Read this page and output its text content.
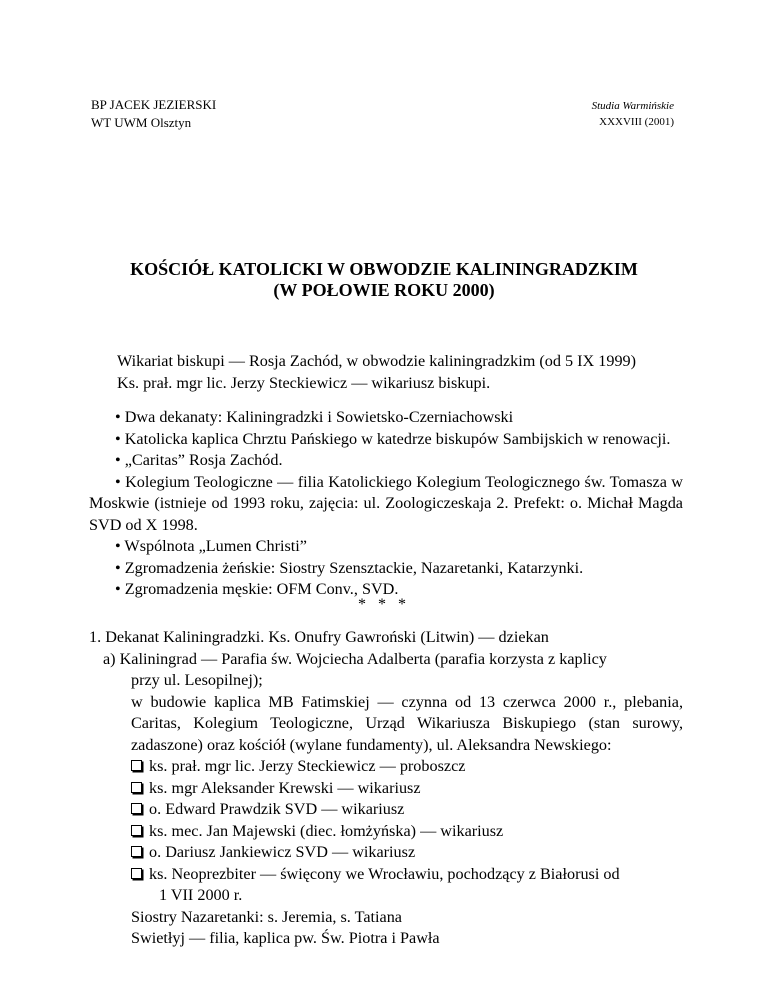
BP JACEK JEZIERSKI
WT UWM Olsztyn
Studia Warmińskie
XXXVIII (2001)
KOŚCIÓŁ KATOLICKI W OBWODZIE KALININGRADZKIM
(W POŁOWIE ROKU 2000)
Wikariat biskupi — Rosja Zachód, w obwodzie kaliningradzkim (od 5 IX 1999)
Ks. prał. mgr lic. Jerzy Steckiewicz — wikariusz biskupi.
• Dwa dekanaty: Kaliningradzki i Sowietsko-Czerniachowski
• Katolicka kaplica Chrztu Pańskiego w katedrze biskupów Sambijskich w renowacji.
• „Caritas” Rosja Zachód.
• Kolegium Teologiczne — filia Katolickiego Kolegium Teologicznego św. Tomasza w Moskwie (istnieje od 1993 roku, zajęcia: ul. Zoologiczeskaja 2. Prefekt: o. Michał Magda SVD od X 1998.
• Wspólnota „Lumen Christi”
• Zgromadzenia żeńskie: Siostry Szensztackie, Nazaretanki, Katarzynki.
• Zgromadzenia męskie: OFM Conv., SVD.
* * *
1. Dekanat Kaliningradzki. Ks. Onufry Gawroński (Litwin) — dziekan
a) Kaliningrad — Parafia św. Wojciecha Adalberta (parafia korzysta z kaplicy
przy ul. Lesopilnej);
w budowie kaplica MB Fatimskiej — czynna od 13 czerwca 2000 r., plebania, Caritas, Kolegium Teologiczne, Urząd Wikariusza Biskupiego (stan surowy, zadaszone) oraz kościół (wylane fundamenty), ul. Aleksandra Newskiego:
ks. prał. mgr lic. Jerzy Steckiewicz — proboszcz
ks. mgr Aleksander Krewski — wikariusz
o. Edward Prawdzik SVD — wikariusz
ks. mec. Jan Majewski (diec. łomżyńska) — wikariusz
o. Dariusz Jankiewicz SVD — wikariusz
ks. Neoprezbiter — święcony we Wrocławiu, pochodzący z Białorusi od
1 VII 2000 r.
Siostry Nazaretanki: s. Jeremia, s. Tatiana
Swietłyj — filia, kaplica pw. Św. Piotra i Pawła
